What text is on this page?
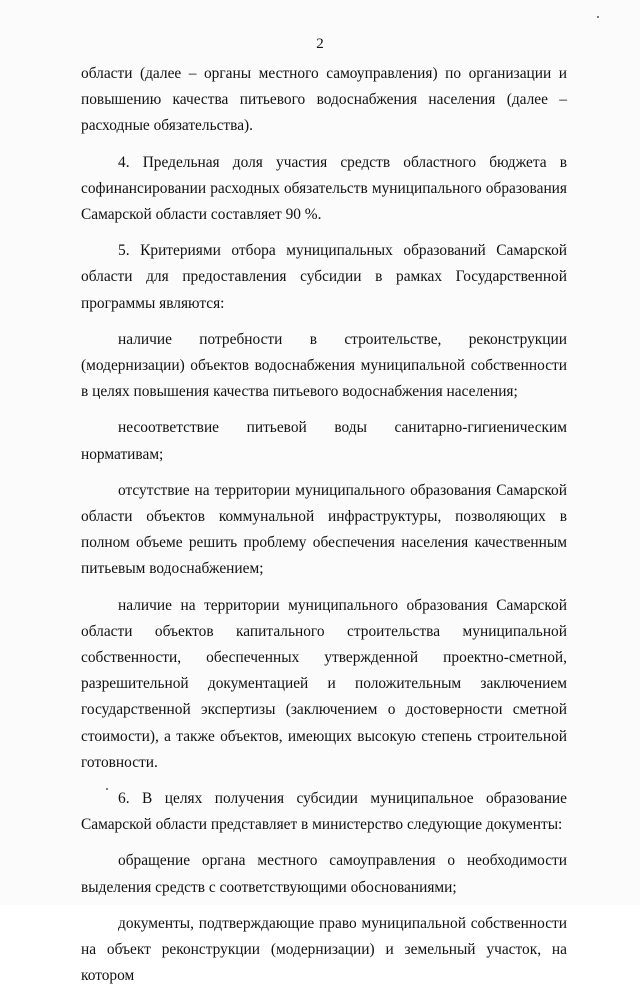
2

области (далее – органы местного самоуправления) по организации и повышению качества питьевого водоснабжения населения (далее – расходные обязательства).

4. Предельная доля участия средств областного бюджета в софинансировании расходных обязательств муниципального образования Самарской области составляет 90 %.

5. Критериями отбора муниципальных образований Самарской области для предоставления субсидии в рамках Государственной программы являются:

наличие потребности в строительстве, реконструкции (модернизации) объектов водоснабжения муниципальной собственности в целях повышения качества питьевого водоснабжения населения;

несоответствие питьевой воды санитарно-гигиеническим нормативам;

отсутствие на территории муниципального образования Самарской области объектов коммунальной инфраструктуры, позволяющих в полном объеме решить проблему обеспечения населения качественным питьевым водоснабжением;

наличие на территории муниципального образования Самарской области объектов капитального строительства муниципальной собственности, обеспеченных утвержденной проектно-сметной, разрешительной документацией и положительным заключением государственной экспертизы (заключением о достоверности сметной стоимости), а также объектов, имеющих высокую степень строительной готовности.

6. В целях получения субсидии муниципальное образование Самарской области представляет в министерство следующие документы:

обращение органа местного самоуправления о необходимости выделения средств с соответствующими обоснованиями;

документы, подтверждающие право муниципальной собственности на объект реконструкции (модернизации) и земельный участок, на котором
